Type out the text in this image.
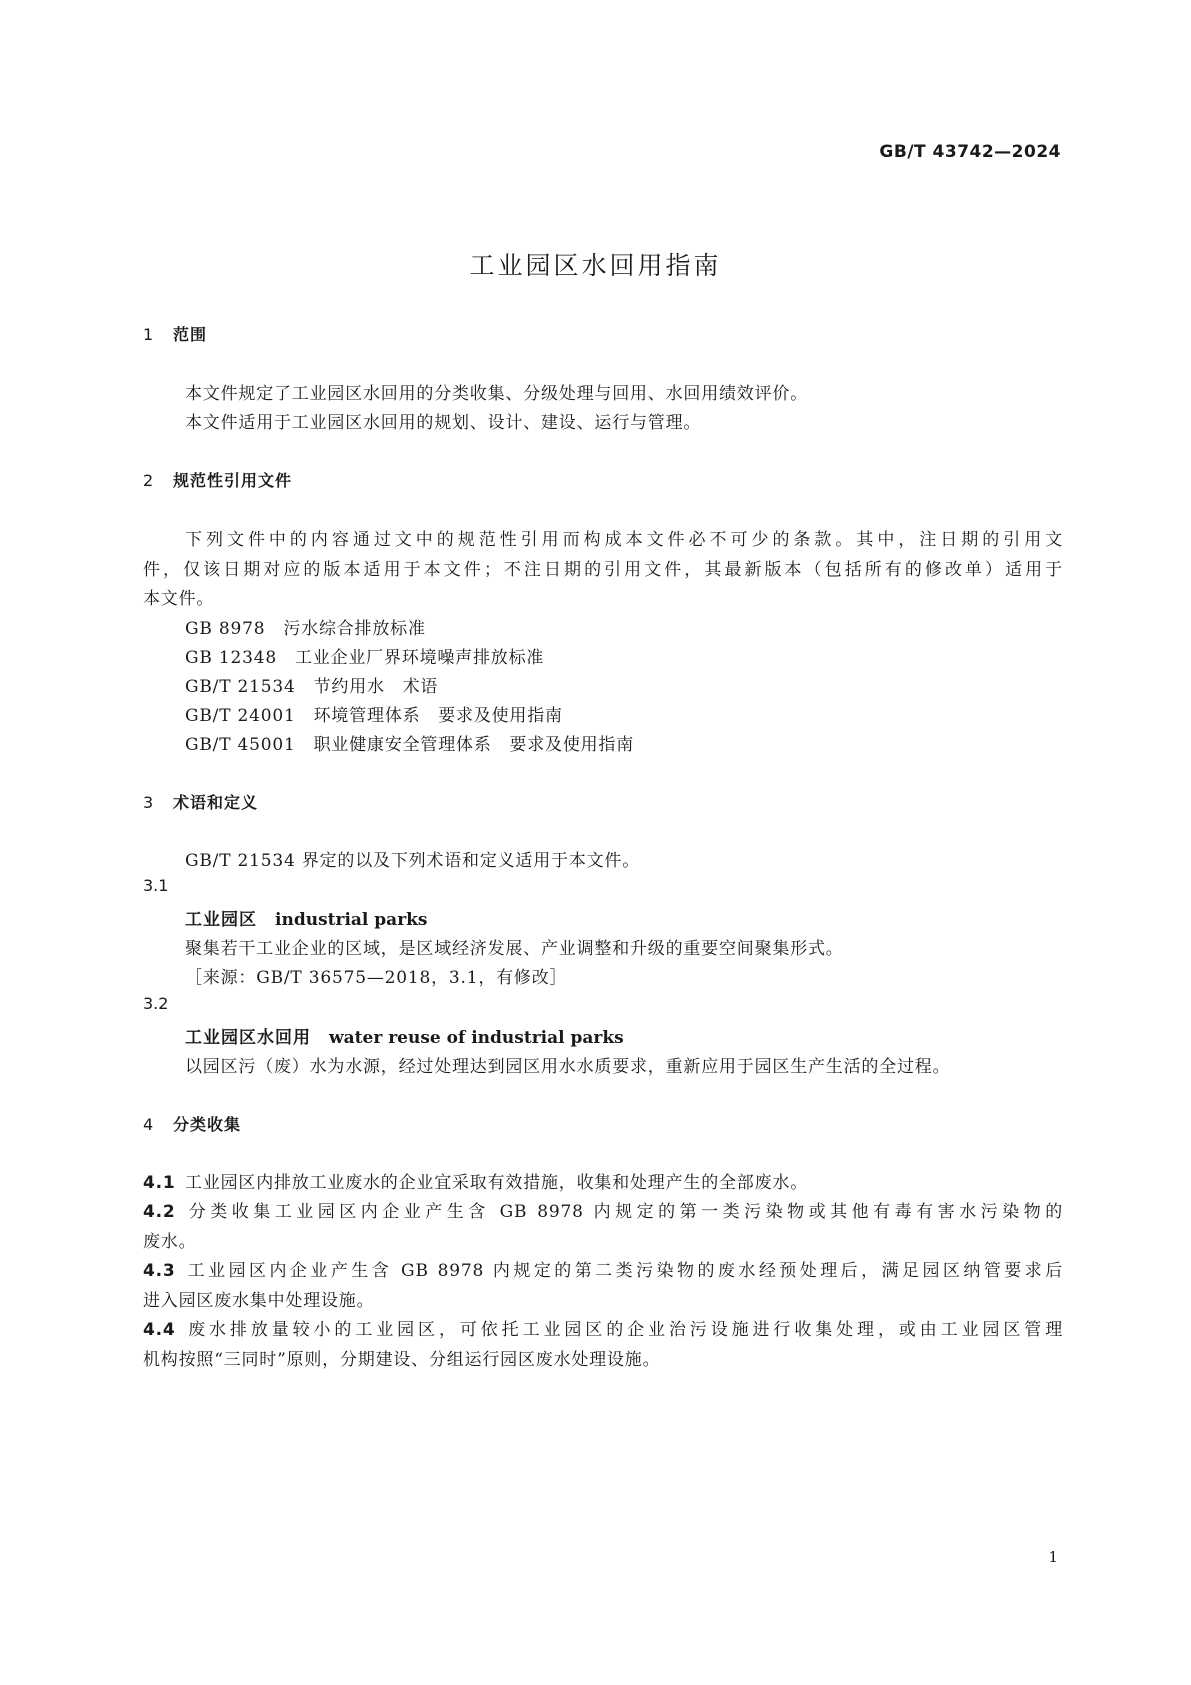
GB/T 43742—2024
工业园区水回用指南
1 范围
本文件规定了工业园区水回用的分类收集、分级处理与回用、水回用绩效评价。
本文件适用于工业园区水回用的规划、设计、建设、运行与管理。
2 规范性引用文件
下列文件中的内容通过文中的规范性引用而构成本文件必不可少的条款。其中，注日期的引用文
件，仅该日期对应的版本适用于本文件；不注日期的引用文件，其最新版本（包括所有的修改单）适用于
本文件。
GB 8978 污水综合排放标准
GB 12348 工业企业厂界环境噪声排放标准
GB/T 21534 节约用水　术语
GB/T 24001 环境管理体系　要求及使用指南
GB/T 45001 职业健康安全管理体系　要求及使用指南
3 术语和定义
GB/T 21534 界定的以及下列术语和定义适用于本文件。
3.1
工业园区 industrial parks
聚集若干工业企业的区域，是区域经济发展、产业调整和升级的重要空间聚集形式。
［来源：GB/T 36575—2018，3.1，有修改］
3.2
工业园区水回用 water reuse of industrial parks
以园区污（废）水为水源，经过处理达到园区用水水质要求，重新应用于园区生产生活的全过程。
4 分类收集
4.1 工业园区内排放工业废水的企业宜采取有效措施，收集和处理产生的全部废水。
4.2 分类收集工业园区内企业产生含 GB 8978 内规定的第一类污染物或其他有毒有害水污染物的
废水。
4.3 工业园区内企业产生含 GB 8978 内规定的第二类污染物的废水经预处理后，满足园区纳管要求后
进入园区废水集中处理设施。
4.4 废水排放量较小的工业园区，可依托工业园区的企业治污设施进行收集处理，或由工业园区管理
机构按照“三同时”原则，分期建设、分组运行园区废水处理设施。
1
